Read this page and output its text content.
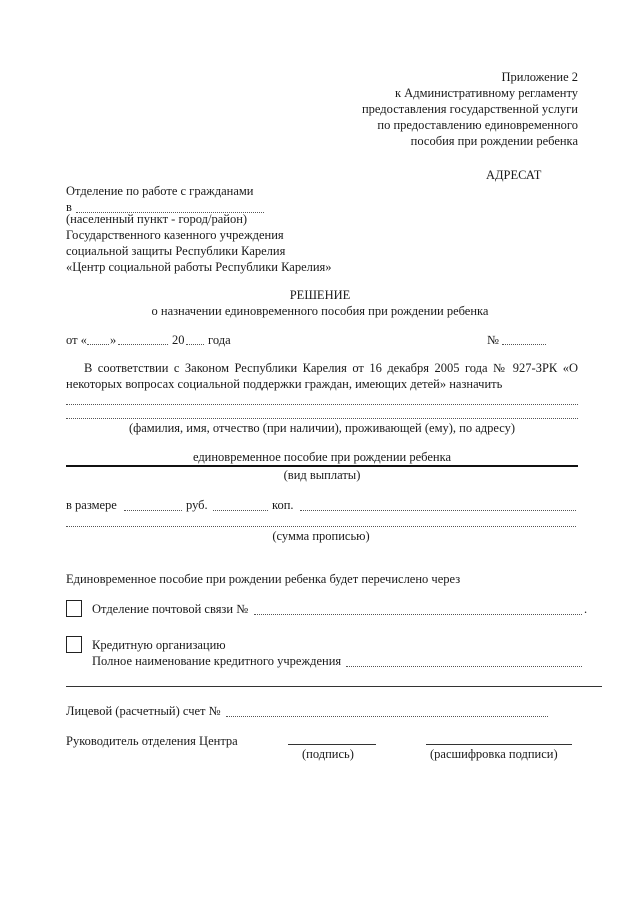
Приложение 2
к Административному регламенту
предоставления государственной услуги
по предоставлению единовременного
пособия при рождении ребенка
АДРЕСАТ
Отделение по работе с гражданами
в
(населенный пункт - город/район)
Государственного казенного учреждения
социальной защиты Республики Карелия
«Центр социальной работы Республики Карелия»
РЕШЕНИЕ
о назначении единовременного пособия при рождении ребенка
от « »	20 года	№
В соответствии с Законом Республики Карелия от 16 декабря 2005 года № 927-ЗРК «О некоторых вопросах социальной поддержки граждан, имеющих детей» назначить
(фамилия, имя, отчество (при наличии), проживающей (ему), по адресу)
единовременное пособие при рождении ребенка
(вид выплаты)
в размере	руб.	коп.
(сумма прописью)
Единовременное пособие при рождении ребенка будет перечислено через
Отделение почтовой связи №	.
Кредитную организацию
Полное наименование кредитного учреждения
Лицевой (расчетный) счет №
Руководитель отделения Центра
(подпись)	(расшифровка подписи)
